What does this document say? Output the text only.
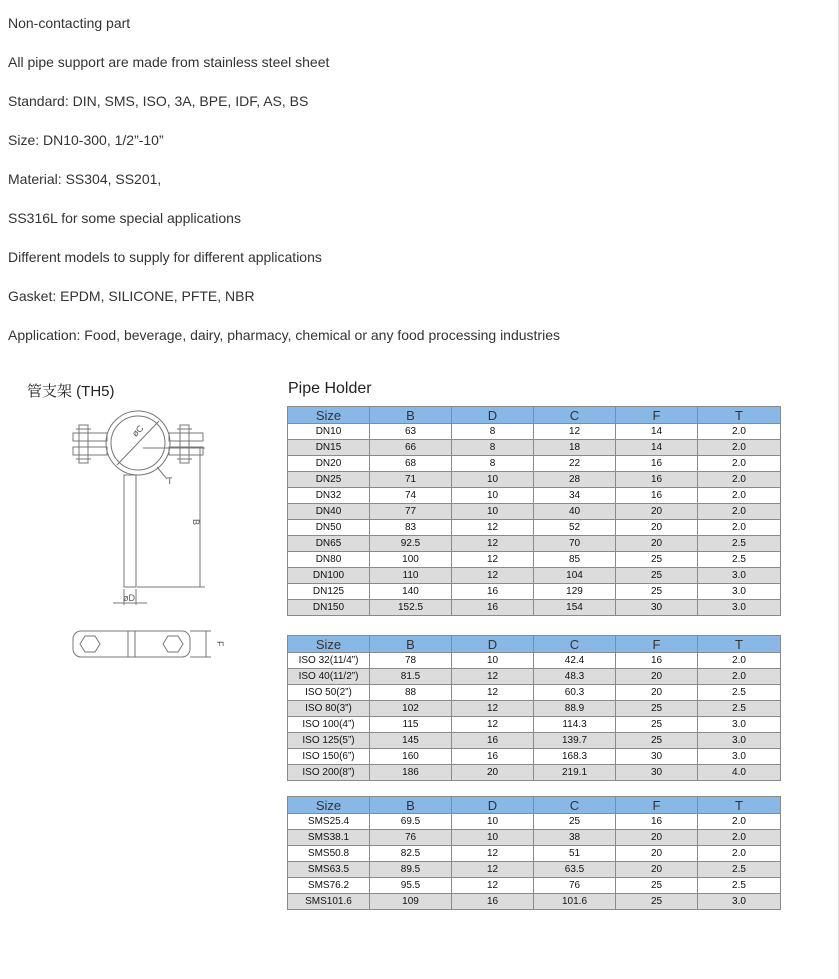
Non-contacting part
All pipe support are made from stainless steel sheet
Standard: DIN, SMS, ISO, 3A, BPE, IDF, AS, BS
Size: DN10-300, 1/2”-10”
Material: SS304, SS201,
SS316L for some special applications
Different models to supply for different applications
Gasket: EPDM, SILICONE, PFTE, NBR
Application: Food, beverage, dairy, pharmacy, chemical or any food processing industries
管支架 (TH5)	Pipe Holder
øC
T
B
øD
F
Size	B	D	C	F	T
DN10	63	8	12	14	2.0
DN15	66	8	18	14	2.0
DN20	68	8	22	16	2.0
DN25	71	10	28	16	2.0
DN32	74	10	34	16	2.0
DN40	77	10	40	20	2.0
DN50	83	12	52	20	2.0
DN65	92.5	12	70	20	2.5
DN80	100	12	85	25	2.5
DN100	110	12	104	25	3.0
DN125	140	16	129	25	3.0
DN150	152.5	16	154	30	3.0
Size	B	D	C	F	T
ISO 32(11/4”)	78	10	42.4	16	2.0
ISO 40(11/2”)	81.5	12	48.3	20	2.0
ISO 50(2”)	88	12	60.3	20	2.5
ISO 80(3”)	102	12	88.9	25	2.5
ISO 100(4”)	115	12	114.3	25	3.0
ISO 125(5”)	145	16	139.7	25	3.0
ISO 150(6”)	160	16	168.3	30	3.0
ISO 200(8”)	186	20	219.1	30	4.0
Size	B	D	C	F	T
SMS25.4	69.5	10	25	16	2.0
SMS38.1	76	10	38	20	2.0
SMS50.8	82.5	12	51	20	2.0
SMS63.5	89.5	12	63.5	20	2.5
SMS76.2	95.5	12	76	25	2.5
SMS101.6	109	16	101.6	25	3.0
